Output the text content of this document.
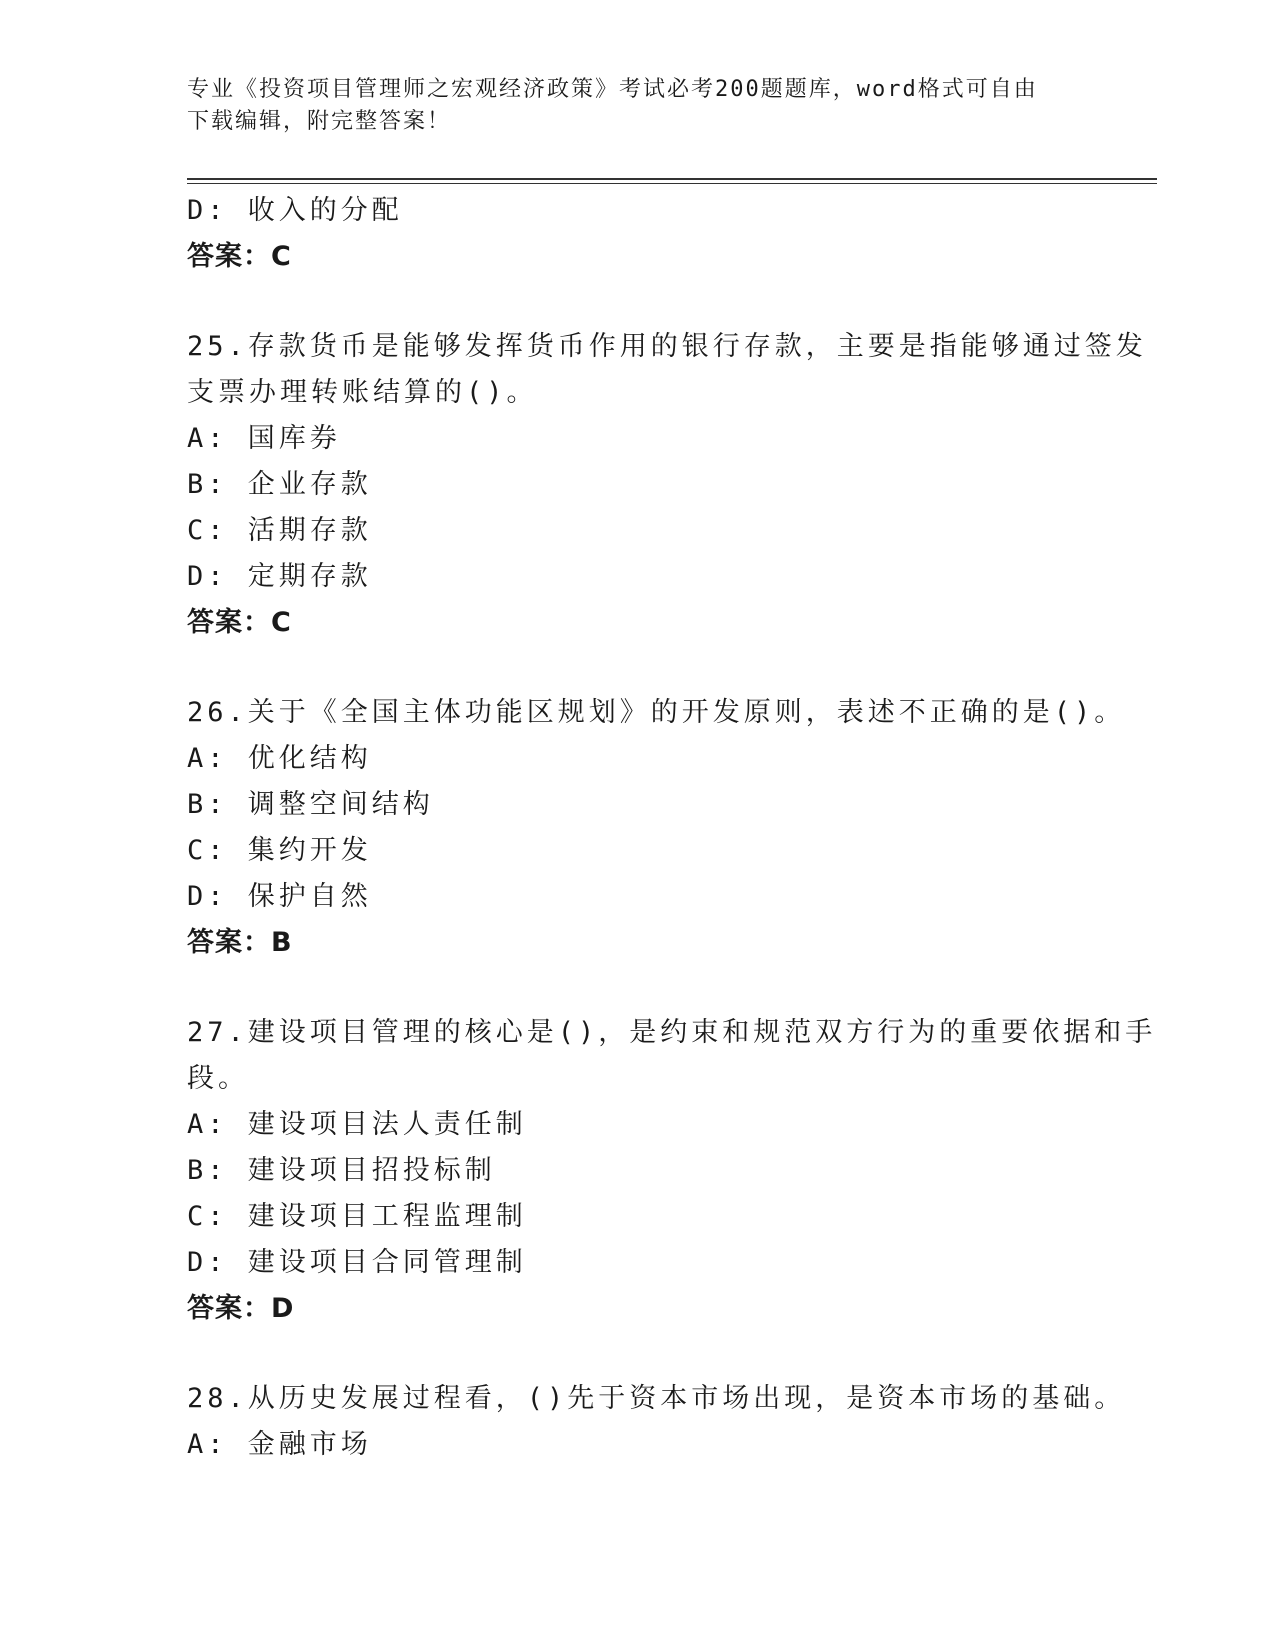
专业《投资项目管理师之宏观经济政策》考试必考200题题库，word格式可自由
下载编辑，附完整答案！
D: 收入的分配
答案：C
25.存款货币是能够发挥货币作用的银行存款，主要是指能够通过签发
支票办理转账结算的()。
A: 国库券
B: 企业存款
C: 活期存款
D: 定期存款
答案：C
26.关于《全国主体功能区规划》的开发原则，表述不正确的是()。
A: 优化结构
B: 调整空间结构
C: 集约开发
D: 保护自然
答案：B
27.建设项目管理的核心是()，是约束和规范双方行为的重要依据和手
段。
A: 建设项目法人责任制
B: 建设项目招投标制
C: 建设项目工程监理制
D: 建设项目合同管理制
答案：D
28.从历史发展过程看，()先于资本市场出现，是资本市场的基础。
A: 金融市场
